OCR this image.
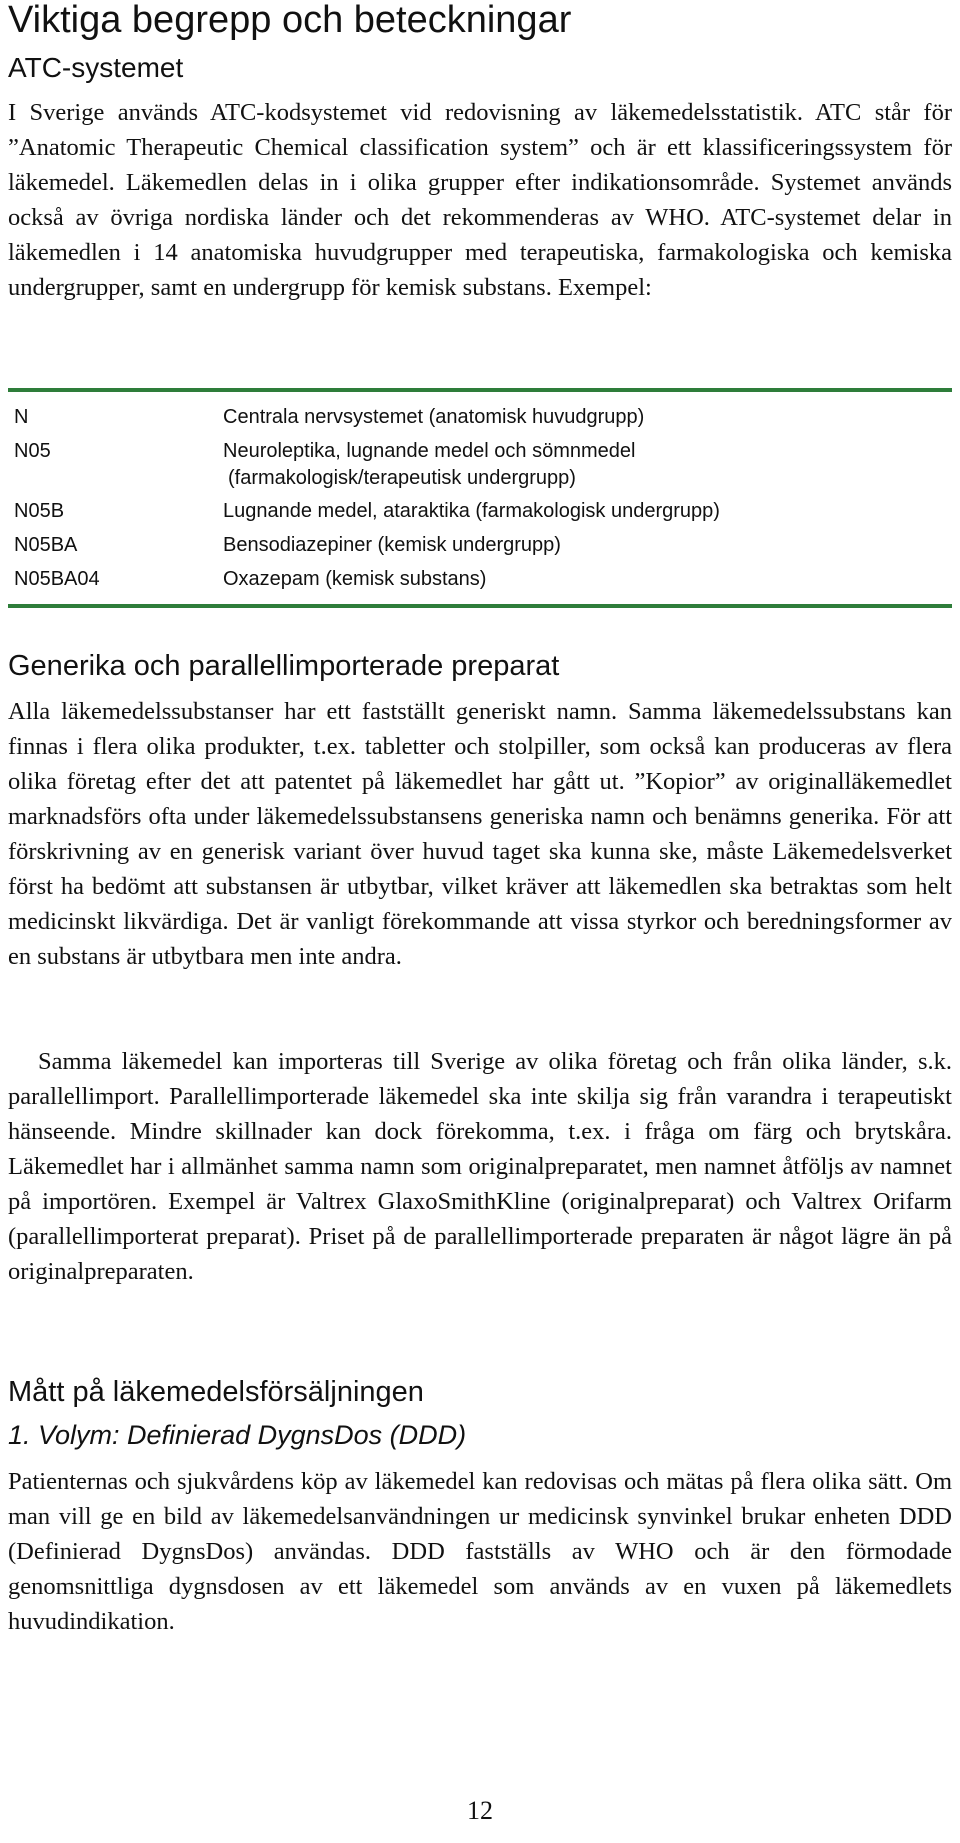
Viktiga begrepp och beteckningar
ATC-systemet

I Sverige används ATC-kodsystemet vid redovisning av läkemedelsstatistik. ATC står för ”Anatomic Therapeutic Chemical classification system” och är ett klassificeringssystem för läkemedel. Läkemedlen delas in i olika grupper efter indikationsområde. Systemet används också av övriga nordiska länder och det rekommenderas av WHO. ATC-systemet delar in läkemedlen i 14 anatomiska huvudgrupper med terapeutiska, farmakologiska och kemiska undergrupper, samt en undergrupp för kemisk substans. Exempel:

N	Centrala nervsystemet (anatomisk huvudgrupp)
N05	Neuroleptika, lugnande medel och sömnmedel
(farmakologisk/terapeutisk undergrupp)
N05B	Lugnande medel, ataraktika (farmakologisk undergrupp)
N05BA	Bensodiazepiner (kemisk undergrupp)
N05BA04	Oxazepam (kemisk substans)
Generika och parallellimporterade preparat

Alla läkemedelssubstanser har ett fastställt generiskt namn. Samma läkemedelssubstans kan finnas i flera olika produkter, t.ex. tabletter och stolpiller, som också kan produceras av flera olika företag efter det att patentet på läkemedlet har gått ut. ”Kopior” av originalläkemedlet marknadsförs ofta under läkemedelssubstansens generiska namn och benämns generika. För att förskrivning av en generisk variant över huvud taget ska kunna ske, måste Läkemedelsverket först ha bedömt att substansen är utbytbar, vilket kräver att läkemedlen ska betraktas som helt medicinskt likvärdiga. Det är vanligt förekommande att vissa styrkor och beredningsformer av en substans är utbytbara men inte andra.

Samma läkemedel kan importeras till Sverige av olika företag och från olika länder, s.k. parallellimport. Parallellimporterade läkemedel ska inte skilja sig från varandra i terapeutiskt hänseende. Mindre skillnader kan dock förekomma, t.ex. i fråga om färg och brytskåra. Läkemedlet har i allmänhet samma namn som originalpreparatet, men namnet åtföljs av namnet på importören. Exempel är Valtrex GlaxoSmithKline (originalpreparat) och Valtrex Orifarm (parallellimporterat preparat). Priset på de parallellimporterade preparaten är något lägre än på originalpreparaten.

Mått på läkemedelsförsäljningen
1. Volym: Definierad DygnsDos (DDD)

Patienternas och sjukvårdens köp av läkemedel kan redovisas och mätas på flera olika sätt. Om man vill ge en bild av läkemedelsanvändningen ur medicinsk synvinkel brukar enheten DDD (Definierad DygnsDos) användas. DDD fastställs av WHO och är den förmodade genomsnittliga dygnsdosen av ett läkemedel som används av en vuxen på läkemedlets huvudindikation.

12
